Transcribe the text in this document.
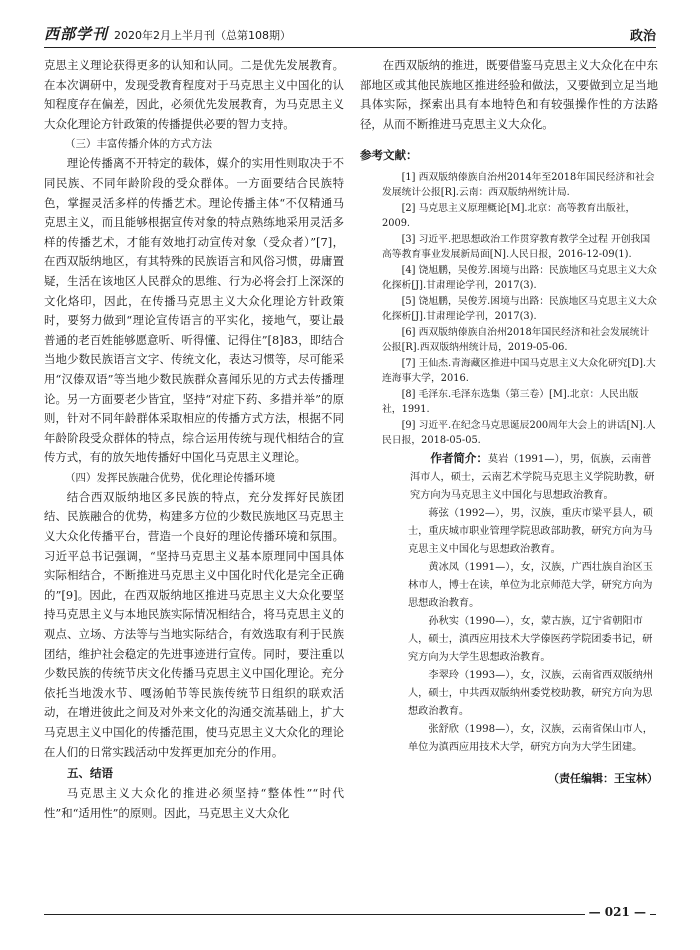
西部学刊 2020年2月上半月刊（总第108期）	政治

克思主义理论获得更多的认知和认同。二是优先发展教育。在本次调研中，发现受教育程度对于马克思主义中国化的认知程度存在偏差，因此，必须优先发展教育，为马克思主义大众化理论方针政策的传播提供必要的智力支持。

（三）丰富传播介体的方式方法

理论传播离不开特定的载体，媒介的实用性则取决于不同民族、不同年龄阶段的受众群体。一方面要结合民族特色，掌握灵活多样的传播艺术。理论传播主体“不仅精通马克思主义，而且能够根据宣传对象的特点熟练地采用灵活多样的传播艺术，才能有效地打动宣传对象（受众者）”[7]，在西双版纳地区，有其特殊的民族语言和风俗习惯，毋庸置疑，生活在该地区人民群众的思维、行为必将会打上深深的文化烙印，因此，在传播马克思主义大众化理论方针政策时，要努力做到“理论宣传语言的平实化，接地气，要让最普通的老百姓能够愿意听、听得懂、记得住”[8]83，即结合当地少数民族语言文字、传统文化，表达习惯等，尽可能采用“汉傣双语”等当地少数民族群众喜闻乐见的方式去传播理论。另一方面要老少皆宜，坚持“对症下药、多措并举”的原则，针对不同年龄群体采取相应的传播方式方法，根据不同年龄阶段受众群体的特点，综合运用传统与现代相结合的宣传方式，有的放矢地传播好中国化马克思主义理论。

（四）发挥民族融合优势，优化理论传播环境

结合西双版纳地区多民族的特点，充分发挥好民族团结、民族融合的优势，构建多方位的少数民族地区马克思主义大众化传播平台，营造一个良好的理论传播环境和氛围。习近平总书记强调，“坚持马克思主义基本原理同中国具体实际相结合，不断推进马克思主义中国化时代化是完全正确的”[9]。因此，在西双版纳地区推进马克思主义大众化要坚持马克思主义与本地民族实际情况相结合，将马克思主义的观点、立场、方法等与当地实际结合，有效选取有利于民族团结，维护社会稳定的先进事迹进行宣传。同时，要注重以少数民族的传统节庆文化传播马克思主义中国化理论。充分依托当地泼水节、嘎汤帕节等民族传统节日组织的联欢活动，在增进彼此之间及对外来文化的沟通交流基础上，扩大马克思主义中国化的传播范围，使马克思主义大众化的理论在人们的日常实践活动中发挥更加充分的作用。

五、结语

马克思主义大众化的推进必须坚持“整体性”“时代性”和“适用性”的原则。因此，马克思主义大众化

在西双版纳的推进，既要借鉴马克思主义大众化在中东部地区或其他民族地区推进经验和做法，又要做到立足当地具体实际，探索出具有本地特色和有较强操作性的方法路径，从而不断推进马克思主义大众化。

参考文献：

[1] 西双版纳傣族自治州2014年至2018年国民经济和社会发展统计公报[R].云南：西双版纳州统计局.

[2] 马克思主义原理概论[M].北京：高等教育出版社，2009.

[3] 习近平.把思想政治工作贯穿教育教学全过程 开创我国高等教育事业发展新局面[N].人民日报，2016-12-09(1).

[4] 饶旭鹏，吴俊芳.困境与出路：民族地区马克思主义大众化探析[J].甘肃理论学刊，2017(3).

[5] 饶旭鹏，吴俊芳.困境与出路：民族地区马克思主义大众化探析[J].甘肃理论学刊，2017(3).

[6] 西双版纳傣族自治州2018年国民经济和社会发展统计公报[R].西双版纳州统计局，2019-05-06.

[7] 王仙杰.青海藏区推进中国马克思主义大众化研究[D].大连海事大学，2016.

[8] 毛泽东.毛泽东选集（第三卷）[M].北京：人民出版社，1991.

[9] 习近平.在纪念马克思诞辰200周年大会上的讲话[N].人民日报，2018-05-05.

作者简介：莫岩（1991—），男，佤族，云南普洱市人，硕士，云南艺术学院马克思主义学院助教，研究方向为马克思主义中国化与思想政治教育。

蒋弦（1992—），男，汉族，重庆市梁平县人，硕士，重庆城市职业管理学院思政部助教，研究方向为马克思主义中国化与思想政治教育。

黄冰凤（1991—），女，汉族，广西壮族自治区玉林市人，博士在读，单位为北京师范大学，研究方向为思想政治教育。

孙秋实（1990—），女，蒙古族，辽宁省朝阳市人，硕士，滇西应用技术大学傣医药学院团委书记，研究方向为大学生思想政治教育。

李翠玲（1993—），女，汉族，云南省西双版纳州人，硕士，中共西双版纳州委党校助教，研究方向为思想政治教育。

张舒欣（1998—），女，汉族，云南省保山市人，单位为滇西应用技术大学，研究方向为大学生团建。

（责任编辑：王宝林）
— 021 —
